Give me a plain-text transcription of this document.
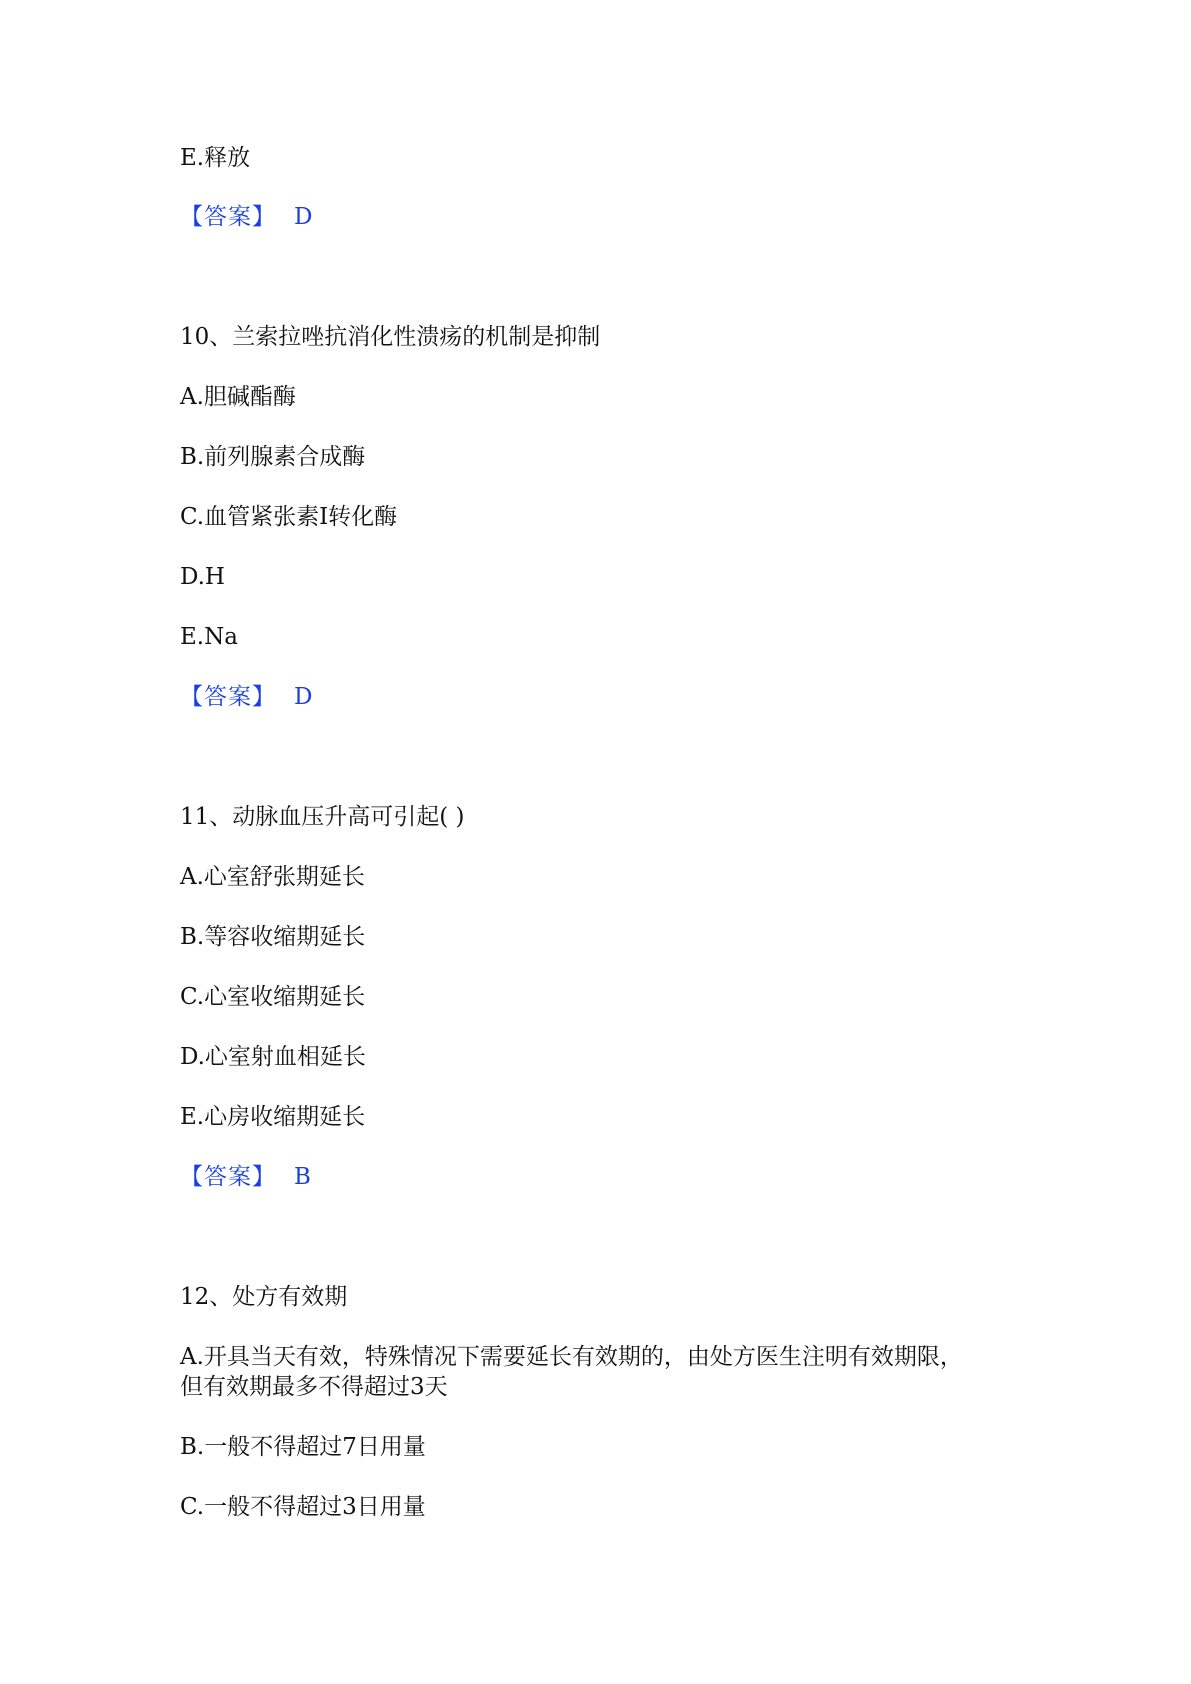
E.释放
【答案】 D
10、兰索拉唑抗消化性溃疡的机制是抑制
A.胆碱酯酶
B.前列腺素合成酶
C.血管紧张素Ⅰ转化酶
D.H
E.Na
【答案】 D
11、动脉血压升高可引起( )
A.心室舒张期延长
B.等容收缩期延长
C.心室收缩期延长
D.心室射血相延长
E.心房收缩期延长
【答案】 B
12、处方有效期
A.开具当天有效，特殊情况下需要延长有效期的，由处方医生注明有效期限，
但有效期最多不得超过3天
B.一般不得超过7日用量
C.一般不得超过3日用量
